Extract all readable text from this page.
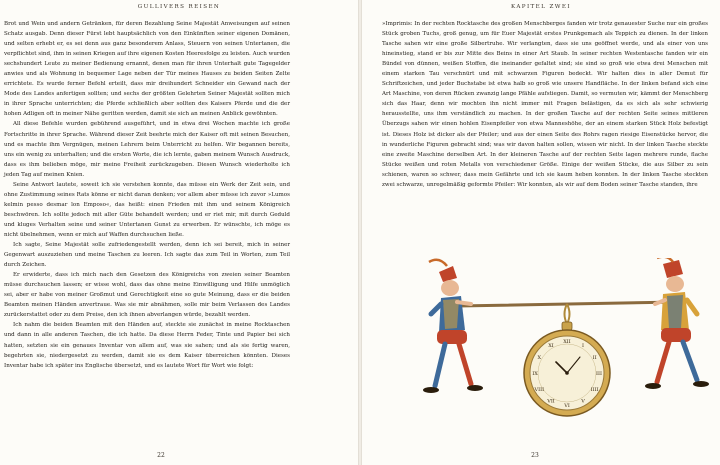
GULLIVERS REISEN

Brot und Wein und andern Getränken, für deren Bezahlung Seine Majestät Anweisungen auf seinen Schatz ausgab. Denn dieser Fürst lebt hauptsächlich von den Einkünften seiner eigenen Domänen, und selten erhebt er, es sei denn aus ganz besonderem Anlass, Steuern von seinen Untertanen, die verpflichtet sind, ihm in seinen Kriegen auf ihre eigenen Kosten Heeresfolge zu leisten. Auch wurden sechshundert Leute zu meiner Bedienung ernannt, denen man für ihren Unterhalt gute Tagegelder anwies und als Wohnung in bequemer Lage neben der Tür meines Hauses zu beiden Seiten Zelte errichtete. Es wurde ferner Befehl erteilt, dass mir dreihundert Schneider ein Gewand nach der Mode des Landes anfertigen sollten; und sechs der größten Gelehrten Seiner Majestät sollten mich in ihrer Sprache unterrichten; die Pferde schließlich aber sollten des Kaisers Pferde und die der hohen Adligen oft in meiner Nähe geritten werden, damit sie sich an meinen Anblick gewöhnten.

All diese Befehle wurden gebührend ausgeführt, und in etwa drei Wochen machte ich große Fortschritte in ihrer Sprache. Während dieser Zeit beehrte mich der Kaiser oft mit seinen Besuchen, und es machte ihm Vergnügen, meinen Lehrern beim Unterricht zu helfen. Wir begannen bereits, uns ein wenig zu unterhalten; und die ersten Worte, die ich lernte, gaben meinem Wunsch Ausdruck, dass es ihm belieben möge, mir meine Freiheit zurückzugeben. Diesen Wunsch wiederholte ich jeden Tag auf meinen Knien.

Seine Antwort lautete, soweit ich sie verstehen konnte, das müsse ein Werk der Zeit sein, und ohne Zustimmung seines Rats könne er nicht daran denken; vor allem aber müsse ich zuvor »Lumos kelmin pesso desmar lon Emposo«, das heißt: einen Frieden mit ihm und seinem Königreich beschwören. Ich sollte jedoch mit aller Güte behandelt werden; und er riet mir, mit durch Geduld und kluges Verhalten seine und seiner Untertanen Gunst zu erwerben. Er wünschte, ich möge es nicht übelnehmen, wenn er mich auf Waffen durchsuchen ließe.

Ich sagte, Seine Majestät solle zufriedengestellt werden, denn ich sei bereit, mich in seiner Gegenwart auszuziehen und meine Taschen zu leeren. Ich sagte das zum Teil in Worten, zum Teil durch Zeichen.

Er erwiderte, dass ich mich nach den Gesetzen des Königreichs von zweien seiner Beamten müsse durchsuchen lassen; er wisse wohl, dass das ohne meine Einwilligung und Hilfe unmöglich sei, aber er habe von meiner Großmut und Gerechtigkeit eine so gute Meinung, dass er die beiden Beamten meinen Händen anvertraue. Was sie mir abnähmen, solle mir beim Verlassen des Landes zurückerstattet oder zu dem Preise, den ich ihnen abverlangen würde, bezahlt werden.

Ich nahm die beiden Beamten mit den Händen auf, steckte sie zunächst in meine Rocktaschen und dann in alle anderen Taschen, die ich hatte. Da diese Herrn Feder, Tinte und Papier bei sich hatten, setzten sie ein genaues Inventar von allem auf, was sie sahen; und als sie fertig waren, begehrten sie, niedergesetzt zu werden, damit sie es dem Kaiser überreichen könnten. Dieses Inventar habe ich später ins Englische übersetzt, und es lautete Wort für Wort wie folgt:

22
KAPITEL ZWEI

»Imprimis: In der rechten Rocktasche des großen Menschberges fanden wir trotz genauester Suche nur ein großes Stück groben Tuchs, groß genug, um für Euer Majestät erstes Prunkgemach als Teppich zu dienen. In der linken Tasche sahen wir eine große Silbertruhe. Wir verlangten, dass sie uns geöffnet werde, und als einer von uns hineinstieg, stand er bis zur Mitte des Beins in einer Art Staub. In seiner rechten Westentasche fanden wir ein Bündel von dünnen, weißen Stoffen, die ineinander gefaltet sind; sie sind so groß wie etwa drei Menschen mit einem starken Tau verschnürt und mit schwarzen Figuren bedeckt. Wir halten dies in aller Demut für Schriftzeichen, und jeder Buchstabe ist etwa halb so groß wie unsere Handfläche. In der linken befand sich eine Art Maschine, von deren Rücken zwanzig lange Pfähle aufstiegen. Damit, so vermuten wir, kämmt der Menschberg sich das Haar, denn wir mochten ihn nicht immer mit Fragen belästigen, da es sich als sehr schwierig herausstellte, uns ihm verständlich zu machen. In der großen Tasche auf der rechten Seite seines mittleren Überzugs sahen wir einen hohlen Eisenpfeiler von etwa Manneshöhe, der an einem starken Stück Holz befestigt ist. Dieses Holz ist dicker als der Pfeiler; und aus der einen Seite des Rohrs ragen riesige Eisenstücke hervor, die in wunderliche Figuren gebracht sind; was wir davon halten sollen, wissen wir nicht. In der linken Tasche steckte eine zweite Maschine derselben Art. In der kleineren Tasche auf der rechten Seite lagen mehrere runde, flache Stücke weißen und roten Metalls von verschiedener Größe. Einige der weißen Stücke, die aus Silber zu sein schienen, waren so schwer, dass mein Gefährte und ich sie kaum heben konnten. In der linken Tasche steckten zwei schwarze, unregelmäßig geformte Pfeiler: Wir konnten, als wir auf dem Boden seiner Tasche standen, ihre

XII
I
II
III
IIII
V
VI
VII
VIII
IX
X
XI
23
